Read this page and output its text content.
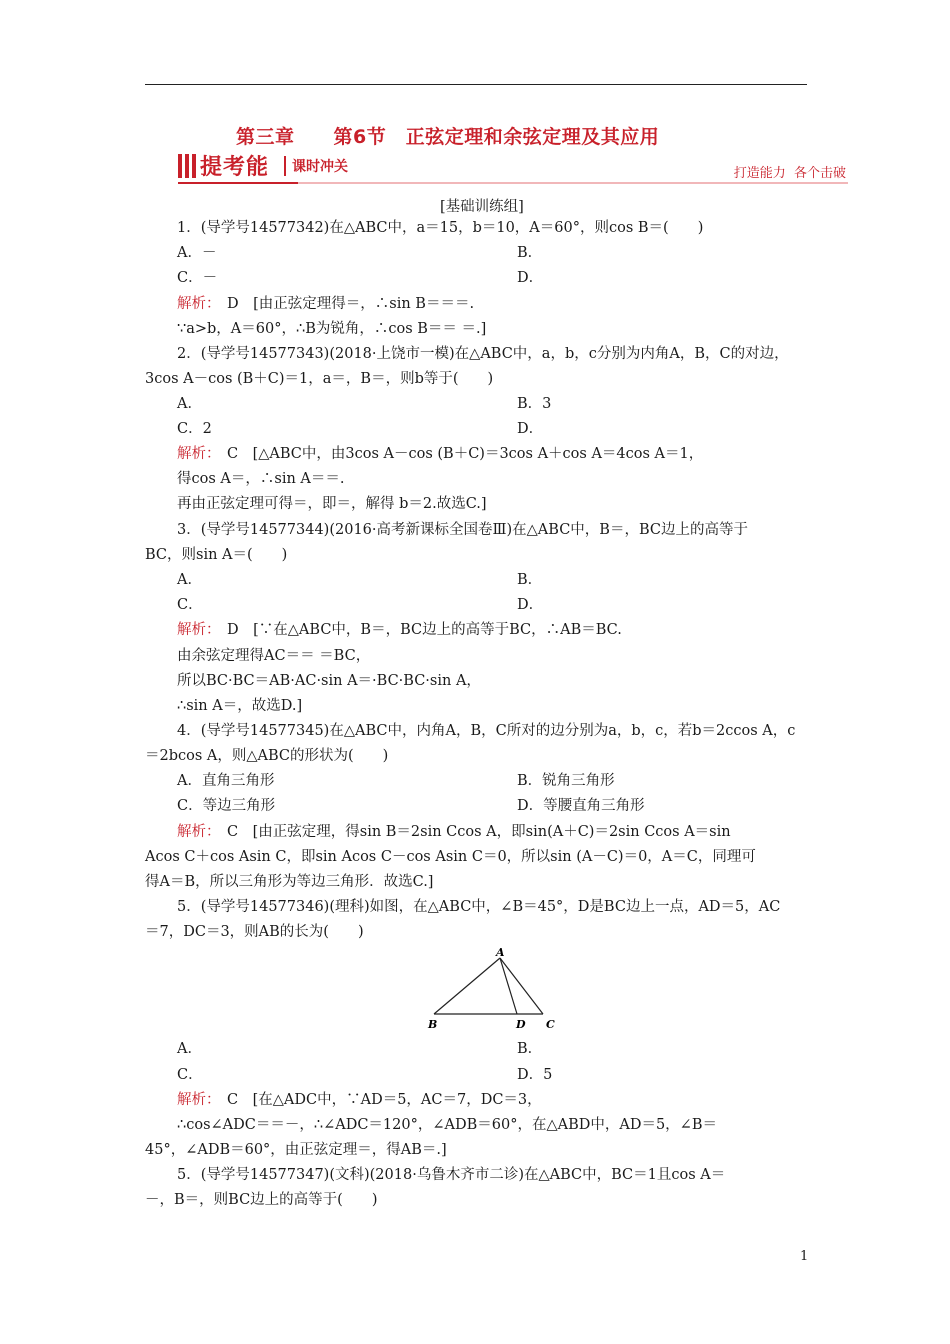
第三章　　第6节　正弦定理和余弦定理及其应用
提考能 课时冲关	打造能力  各个击破
[基础训练组]
1．(导学号14577342)在△ABC中，a＝15，b＝10，A＝60°，则cos B＝(　　)
A．－	B．
C．－	D．
解析： D　[由正弦定理得＝，∴sin B＝＝＝.
∵a>b，A＝60°，∴B为锐角，∴cos B＝＝ ＝.]
2．(导学号14577343)(2018·上饶市一模)在△ABC中，a，b，c分别为内角A，B，C的对边，
3cos A－cos (B＋C)＝1，a＝，B＝，则b等于(　　)
A．	B．3
C．2	D．
解析： C　[△ABC中，由3cos A－cos (B＋C)＝3cos A＋cos A＝4cos A＝1，
得cos A＝，∴sin A＝＝.
再由正弦定理可得＝，即＝，解得 b＝2.故选C.]
3．(导学号14577344)(2016·高考新课标全国卷Ⅲ)在△ABC中，B＝，BC边上的高等于
BC，则sin A＝(　　)
A．	B．
C．	D．
解析： D　[∵在△ABC中，B＝，BC边上的高等于BC，∴AB＝BC.
由余弦定理得AC＝＝ ＝BC，
所以BC·BC＝AB·AC·sin A＝·BC·BC·sin A，
∴sin A＝，故选D.]
4．(导学号14577345)在△ABC中，内角A，B，C所对的边分别为a，b，c，若b＝2ccos A，c
＝2bcos A，则△ABC的形状为(　　)
A．直角三角形	B．锐角三角形
C．等边三角形	D．等腰直角三角形
解析： C　[由正弦定理，得sin B＝2sin Ccos A，即sin(A＋C)＝2sin Ccos A＝sin
Acos C＋cos Asin C，即sin Acos C－cos Asin C＝0，所以sin (A－C)＝0，A＝C，同理可
得A＝B，所以三角形为等边三角形．故选C.]
5．(导学号14577346)(理科)如图，在△ABC中，∠B＝45°，D是BC边上一点，AD＝5，AC
＝7，DC＝3，则AB的长为(　　)
A
B	D C
A．	B．
C．	D．5
解析： C　[在△ADC中，∵AD＝5，AC＝7，DC＝3，
∴cos∠ADC＝＝－，∴∠ADC＝120°，∠ADB＝60°，在△ABD中，AD＝5，∠B＝
45°，∠ADB＝60°，由正弦定理＝，得AB＝.]
5．(导学号14577347)(文科)(2018·乌鲁木齐市二诊)在△ABC中，BC＝1且cos A＝
－，B＝，则BC边上的高等于(　　)
1
